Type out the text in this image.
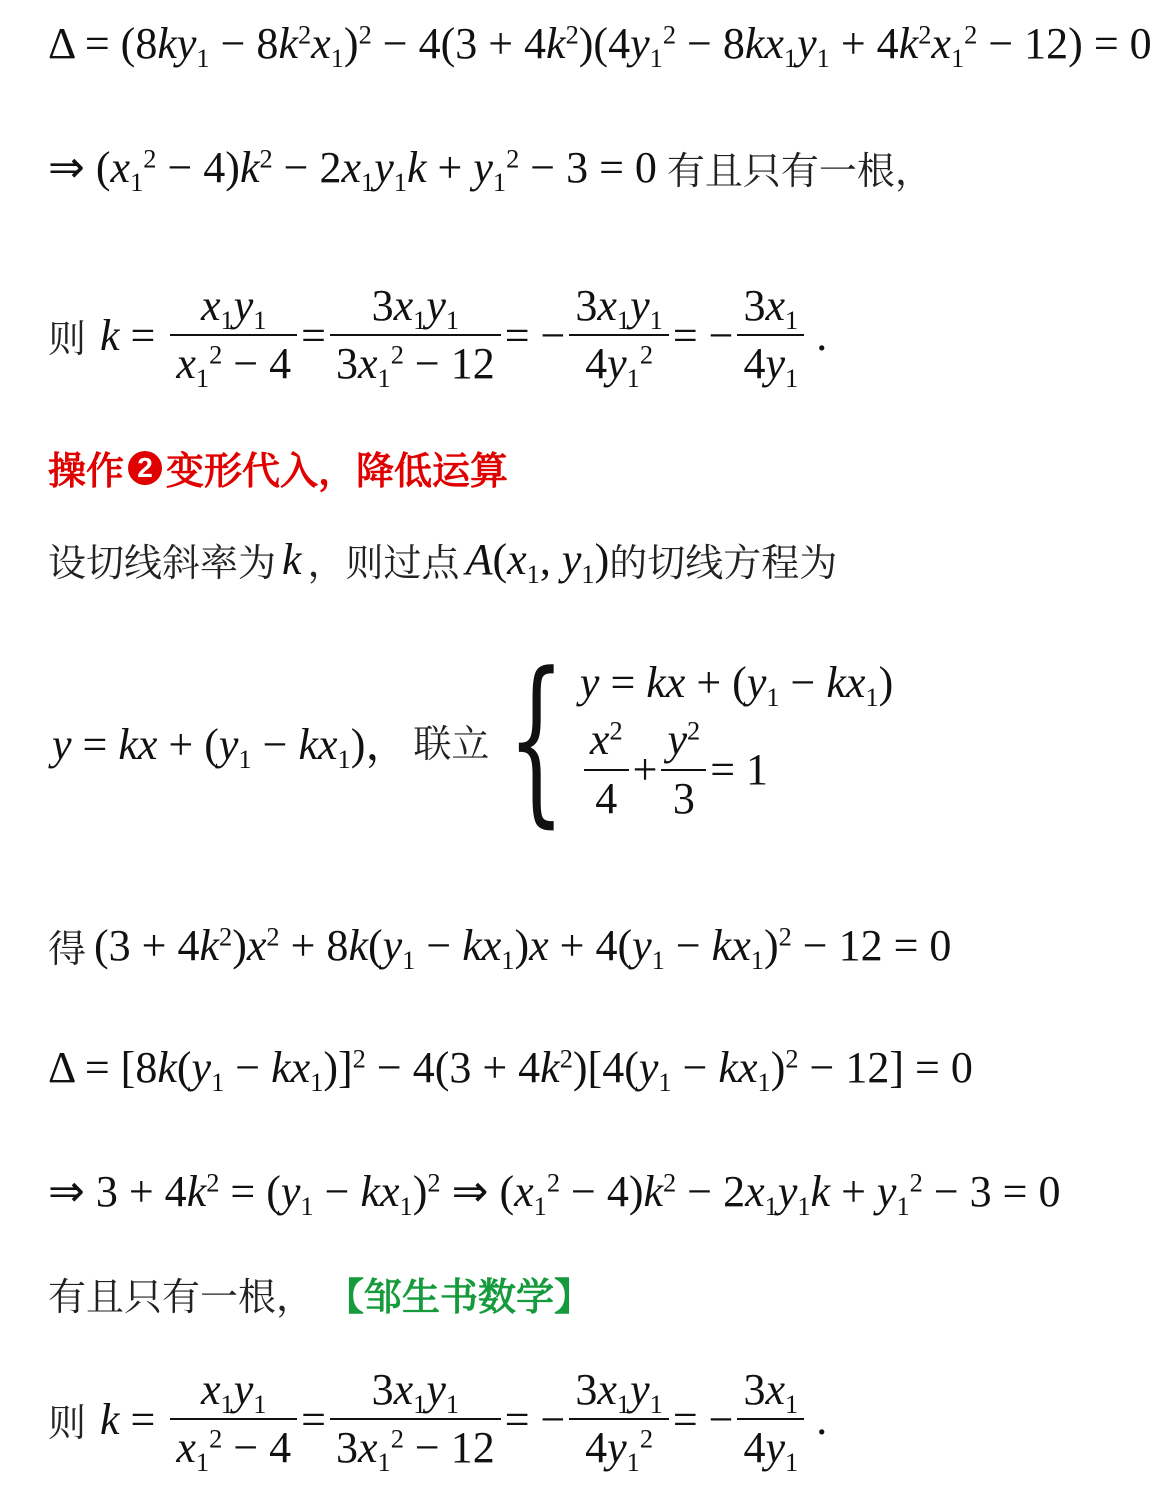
$\Delta = (8ky_1 - 8k^2x_1)^2 - 4(3 + 4k^2)(4y_1^2 - 8kx_1y_1 + 4k^2x_1^2 - 12) = 0$
⇒ $(x_1^2 - 4)k^2 - 2x_1y_1k + y_1^2 - 3 = 0$ 有且只有一根，
则 $k = \frac{x_1y_1}{x_1^2 - 4} = \frac{3x_1y_1}{3x_1^2 - 12}$ = − $\frac{3x_1y_1}{4y_1^2}$ = − $\frac{3x_1}{4y_1}$ .
操作 2 变形代入，降低运算
设切线斜率为 k ，则过点 $A(x_1$, $y_1$) 的切线方程为
y = kx + $(y_1 - kx_1)$， 联立 { y = kx + $(y_1 - kx_1)$
$\frac{x^2}{4} + \frac{y^2}{3} = 1$
得 $(3 + 4k^2)x^2 + 8k(y_1 - kx_1)x + 4(y_1 - kx_1)^2 - 12 = 0$
$\Delta = [8k(y_1 - kx_1)]^2 - 4(3 + 4k^2)[4(y_1 - kx_1)^2 - 12] = 0$
⇒ $3 + 4k^2 = (y_1 - kx_1)^2$ ⇒ $(x_1^2 - 4)k^2 - 2x_1y_1k + y_1^2 - 3 = 0$
有且只有一根， 【邹生书数学】
则 $k = \frac{x_1y_1}{x_1^2 - 4} = \frac{3x_1y_1}{3x_1^2 - 12}$ = − $\frac{3x_1y_1}{4y_1^2}$ = − $\frac{3x_1}{4y_1}$ .
